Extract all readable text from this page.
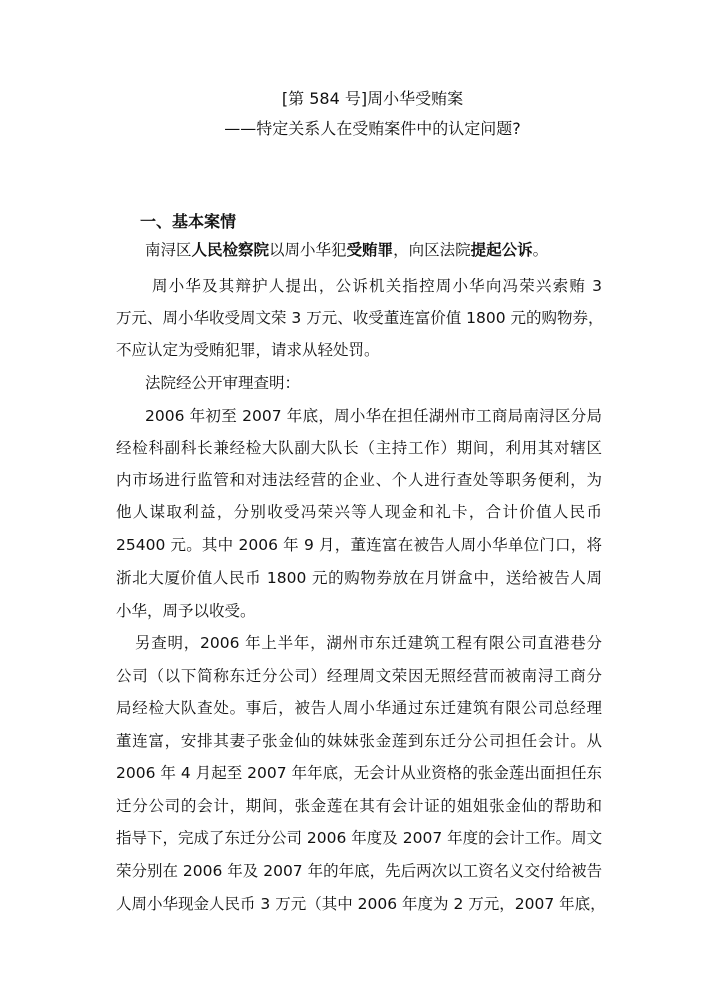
[第 584 号]周小华受贿案
——特定关系人在受贿案件中的认定问题?
一、基本案情
南浔区人民检察院以周小华犯受贿罪，向区法院提起公诉。
周小华及其辩护人提出，公诉机关指控周小华向冯荣兴索贿 3
万元、周小华收受周文荣 3 万元、收受董连富价值 1800 元的购物券，
不应认定为受贿犯罪，请求从轻处罚。
法院经公开审理查明：
2006 年初至 2007 年底，周小华在担任湖州市工商局南浔区分局
经检科副科长兼经检大队副大队长（主持工作）期间，利用其对辖区
内市场进行监管和对违法经营的企业、个人进行查处等职务便利，为
他人谋取利益，分别收受冯荣兴等人现金和礼卡，合计价值人民币
25400 元。其中 2006 年 9 月，董连富在被告人周小华单位门口，将
浙北大厦价值人民币 1800 元的购物券放在月饼盒中，送给被告人周
小华，周予以收受。
另查明，2006 年上半年，湖州市东迁建筑工程有限公司直港巷分
公司（以下简称东迁分公司）经理周文荣因无照经营而被南浔工商分
局经检大队查处。事后，被告人周小华通过东迁建筑有限公司总经理
董连富，安排其妻子张金仙的妹妹张金莲到东迁分公司担任会计。从
2006 年 4 月起至 2007 年年底，无会计从业资格的张金莲出面担任东
迁分公司的会计，期间，张金莲在其有会计证的姐姐张金仙的帮助和
指导下，完成了东迁分公司 2006 年度及 2007 年度的会计工作。周文
荣分别在 2006 年及 2007 年的年底，先后两次以工资名义交付给被告
人周小华现金人民币 3 万元（其中 2006 年度为 2 万元，2007 年底，
